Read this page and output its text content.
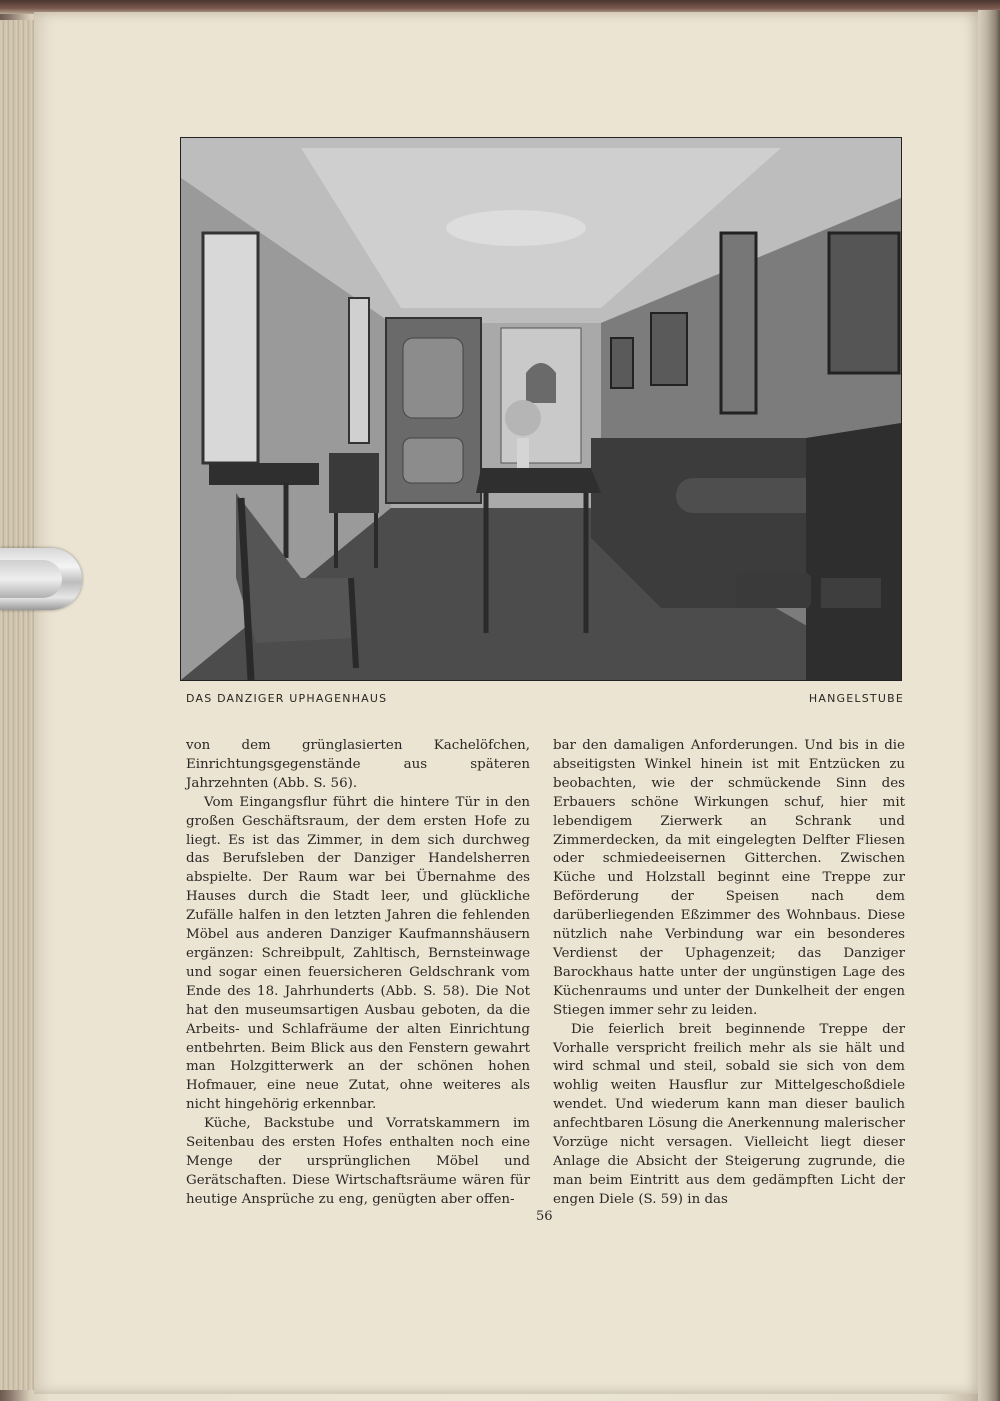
DAS DANZIGER UPHAGENHAUS	HANGELSTUBE

von dem grünglasierten Kachelöfchen, Einrichtungsgegenstände aus späteren Jahrzehnten (Abb. S. 56).

Vom Eingangsflur führt die hintere Tür in den großen Geschäftsraum, der dem ersten Hofe zu liegt. Es ist das Zimmer, in dem sich durchweg das Berufsleben der Danziger Handelsherren abspielte. Der Raum war bei Übernahme des Hauses durch die Stadt leer, und glückliche Zufälle halfen in den letzten Jahren die fehlenden Möbel aus anderen Danziger Kaufmannshäusern ergänzen: Schreibpult, Zahltisch, Bernsteinwage und sogar einen feuersicheren Geldschrank vom Ende des 18. Jahrhunderts (Abb. S. 58). Die Not hat den museumsartigen Ausbau geboten, da die Arbeits- und Schlafräume der alten Einrichtung entbehrten. Beim Blick aus den Fenstern gewahrt man Holzgitterwerk an der schönen hohen Hofmauer, eine neue Zutat, ohne weiteres als nicht hingehörig erkennbar.

Küche, Backstube und Vorratskammern im Seitenbau des ersten Hofes enthalten noch eine Menge der ursprünglichen Möbel und Gerätschaften. Diese Wirtschaftsräume wären für heutige Ansprüche zu eng, genügten aber offen-

bar den damaligen Anforderungen. Und bis in die abseitigsten Winkel hinein ist mit Entzücken zu beobachten, wie der schmückende Sinn des Erbauers schöne Wirkungen schuf, hier mit lebendigem Zierwerk an Schrank und Zimmerdecken, da mit eingelegten Delfter Fliesen oder schmiedeeisernen Gitterchen. Zwischen Küche und Holzstall beginnt eine Treppe zur Beförderung der Speisen nach dem darüberliegenden Eßzimmer des Wohnbaus. Diese nützlich nahe Verbindung war ein besonderes Verdienst der Uphagenzeit; das Danziger Barockhaus hatte unter der ungünstigen Lage des Küchenraums und unter der Dunkelheit der engen Stiegen immer sehr zu leiden.

Die feierlich breit beginnende Treppe der Vorhalle verspricht freilich mehr als sie hält und wird schmal und steil, sobald sie sich von dem wohlig weiten Hausflur zur Mittelgeschoßdiele wendet. Und wiederum kann man dieser baulich anfechtbaren Lösung die Anerkennung malerischer Vorzüge nicht versagen. Vielleicht liegt dieser Anlage die Absicht der Steigerung zugrunde, die man beim Eintritt aus dem gedämpften Licht der engen Diele (S. 59) in das

56
